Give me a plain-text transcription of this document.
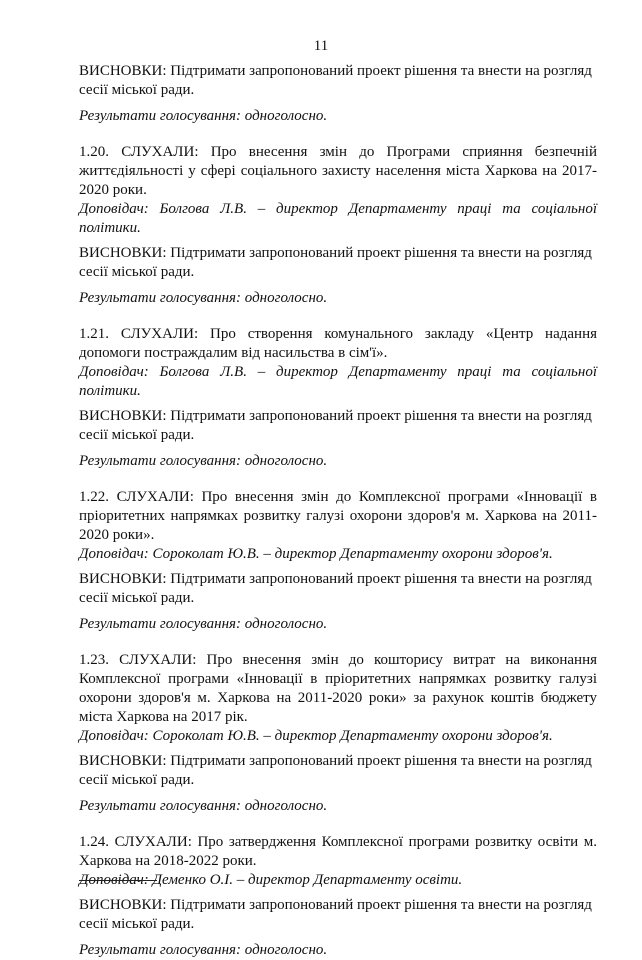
11

ВИСНОВКИ: Підтримати запропонований проект рішення та внести на розгляд сесії міської ради.

Результати голосування: одноголосно.

1.20. СЛУХАЛИ: Про внесення змін до Програми сприяння безпечній життєдіяльності у сфері соціального захисту населення міста Харкова на 2017-2020 роки.

Доповідач: Болгова Л.В. – директор Департаменту праці та соціальної політики.

ВИСНОВКИ: Підтримати запропонований проект рішення та внести на розгляд сесії міської ради.

Результати голосування: одноголосно.

1.21. СЛУХАЛИ: Про створення комунального закладу «Центр надання допомоги постраждалим від насильства в сім'ї».

Доповідач: Болгова Л.В. – директор Департаменту праці та соціальної політики.

ВИСНОВКИ: Підтримати запропонований проект рішення та внести на розгляд сесії міської ради.

Результати голосування: одноголосно.

1.22. СЛУХАЛИ: Про внесення змін до Комплексної програми «Інновації в пріоритетних напрямках розвитку галузі охорони здоров'я м. Харкова на 2011-2020 роки».

Доповідач: Сороколат Ю.В. – директор Департаменту охорони здоров'я.

ВИСНОВКИ: Підтримати запропонований проект рішення та внести на розгляд сесії міської ради.

Результати голосування: одноголосно.

1.23. СЛУХАЛИ: Про внесення змін до кошторису витрат на виконання Комплексної програми «Інновації в пріоритетних напрямках розвитку галузі охорони здоров'я м. Харкова на 2011-2020 роки» за рахунок коштів бюджету міста Харкова на 2017 рік.

Доповідач: Сороколат Ю.В. – директор Департаменту охорони здоров'я.

ВИСНОВКИ: Підтримати запропонований проект рішення та внести на розгляд сесії міської ради.

Результати голосування: одноголосно.

1.24. СЛУХАЛИ: Про затвердження Комплексної програми розвитку освіти м. Харкова на 2018-2022 роки.

Доповідач: Деменко О.І. – директор Департаменту освіти.

ВИСНОВКИ: Підтримати запропонований проект рішення та внести на розгляд сесії міської ради.

Результати голосування: одноголосно.
